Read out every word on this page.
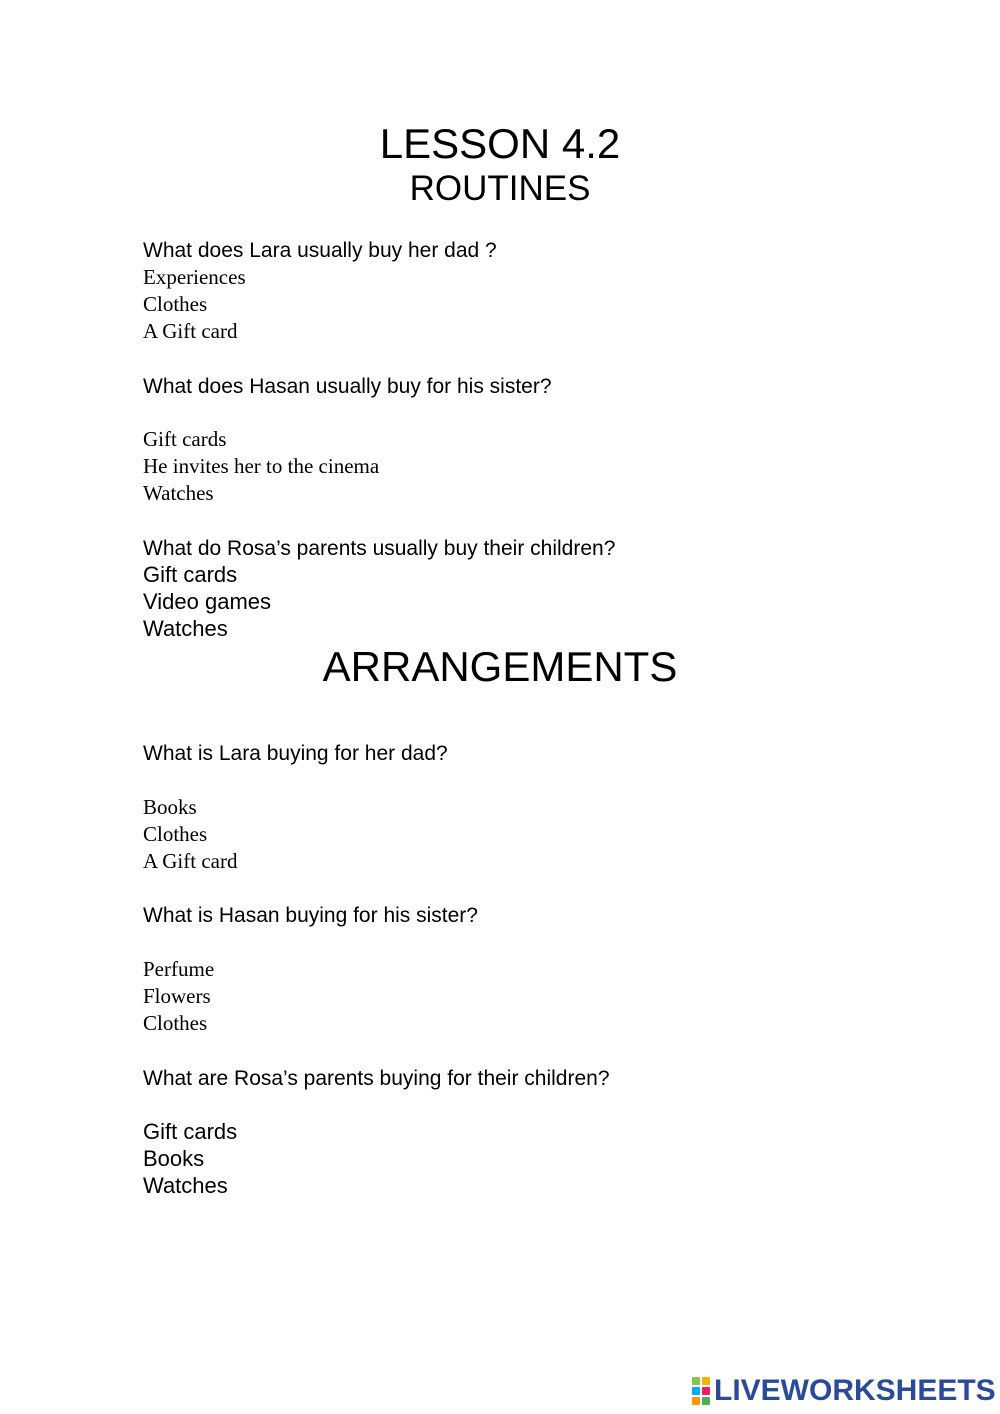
LESSON 4.2
ROUTINES
What does Lara usually buy her dad ?
Experiences
Clothes
A Gift card
What does Hasan usually buy for his sister?
Gift cards
He invites her to the cinema
Watches
What do Rosa’s parents usually buy their children?
Gift cards
Video games
Watches
ARRANGEMENTS
What is Lara buying for her dad?
Books
Clothes
A Gift card
What is Hasan buying for his sister?
Perfume
Flowers
Clothes
What are Rosa’s parents buying for their children?
Gift cards
Books
Watches
LIVEWORKSHEETS
